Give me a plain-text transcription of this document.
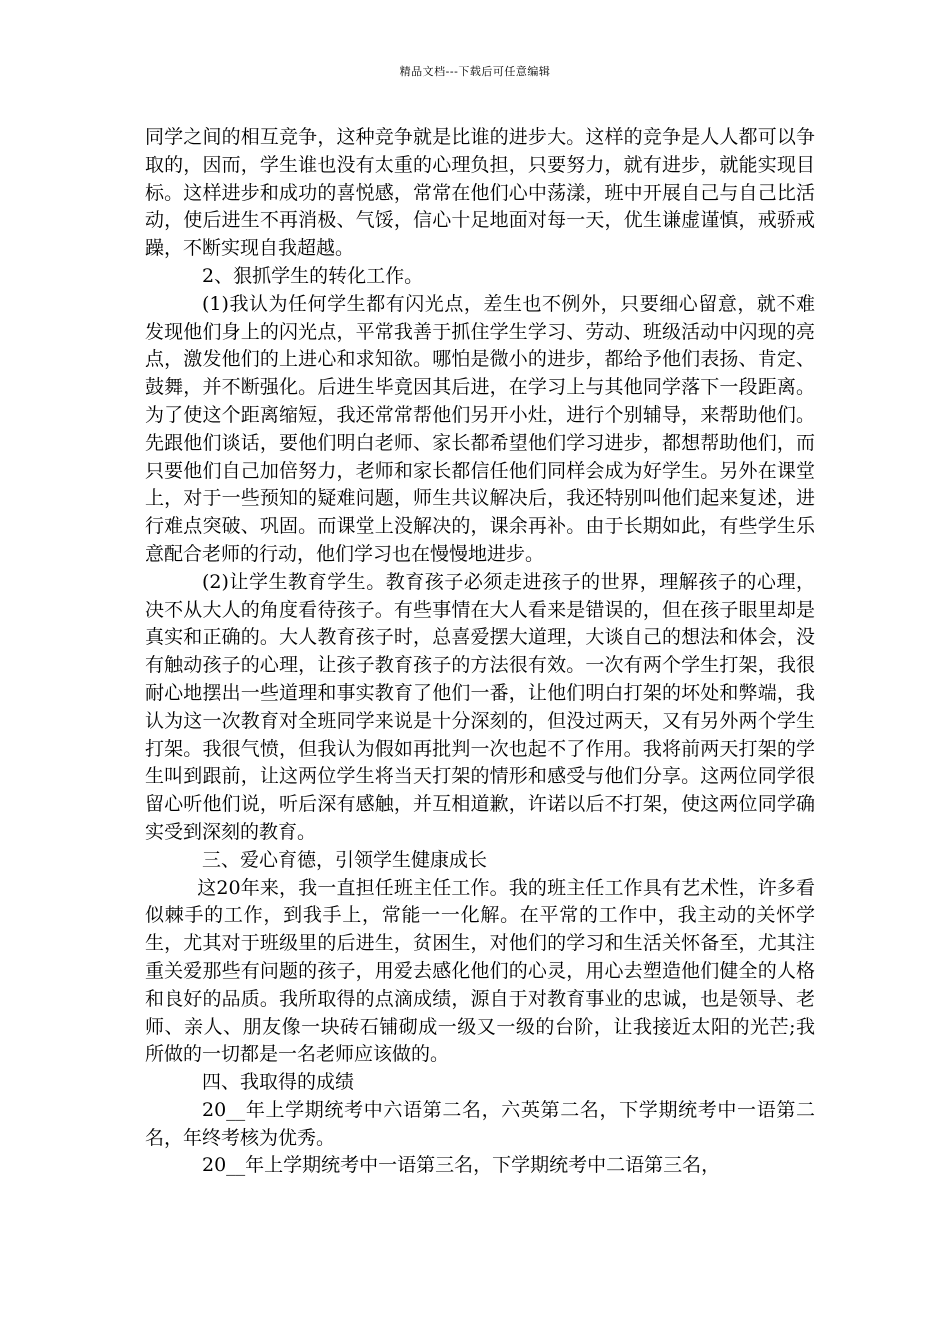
精品文档---下载后可任意编辑

同学之间的相互竞争，这种竞争就是比谁的进步大。这样的竞争是人人都可以争取的，因而，学生谁也没有太重的心理负担，只要努力，就有进步，就能实现目标。这样进步和成功的喜悦感，常常在他们心中荡漾，班中开展自己与自己比活动，使后进生不再消极、气馁，信心十足地面对每一天，优生谦虚谨慎，戒骄戒躁，不断实现自我超越。

2、狠抓学生的转化工作。

(1)我认为任何学生都有闪光点，差生也不例外，只要细心留意，就不难发现他们身上的闪光点，平常我善于抓住学生学习、劳动、班级活动中闪现的亮点，激发他们的上进心和求知欲。哪怕是微小的进步，都给予他们表扬、肯定、鼓舞，并不断强化。后进生毕竟因其后进，在学习上与其他同学落下一段距离。为了使这个距离缩短，我还常常帮他们另开小灶，进行个别辅导，来帮助他们。先跟他们谈话，要他们明白老师、家长都希望他们学习进步，都想帮助他们，而只要他们自己加倍努力，老师和家长都信任他们同样会成为好学生。另外在课堂上，对于一些预知的疑难问题，师生共议解决后，我还特别叫他们起来复述，进行难点突破、巩固。而课堂上没解决的，课余再补。由于长期如此，有些学生乐意配合老师的行动，他们学习也在慢慢地进步。

(2)让学生教育学生。教育孩子必须走进孩子的世界，理解孩子的心理，决不从大人的角度看待孩子。有些事情在大人看来是错误的，但在孩子眼里却是真实和正确的。大人教育孩子时，总喜爱摆大道理，大谈自己的想法和体会，没有触动孩子的心理，让孩子教育孩子的方法很有效。一次有两个学生打架，我很耐心地摆出一些道理和事实教育了他们一番，让他们明白打架的坏处和弊端，我认为这一次教育对全班同学来说是十分深刻的，但没过两天，又有另外两个学生打架。我很气愤，但我认为假如再批判一次也起不了作用。我将前两天打架的学生叫到跟前，让这两位学生将当天打架的情形和感受与他们分享。这两位同学很留心听他们说，听后深有感触，并互相道歉，许诺以后不打架，使这两位同学确实受到深刻的教育。

三、爱心育德，引领学生健康成长

这20年来，我一直担任班主任工作。我的班主任工作具有艺术性，许多看似棘手的工作，到我手上，常能一一化解。在平常的工作中，我主动的关怀学生，尤其对于班级里的后进生，贫困生，对他们的学习和生活关怀备至，尤其注重关爱那些有问题的孩子，用爱去感化他们的心灵，用心去塑造他们健全的人格和良好的品质。我所取得的点滴成绩，源自于对教育事业的忠诚，也是领导、老师、亲人、朋友像一块砖石铺砌成一级又一级的台阶，让我接近太阳的光芒;我所做的一切都是一名老师应该做的。

四、我取得的成绩

20__年上学期统考中六语第二名，六英第二名，下学期统考中一语第二名，年终考核为优秀。

20__年上学期统考中一语第三名，下学期统考中二语第三名，
